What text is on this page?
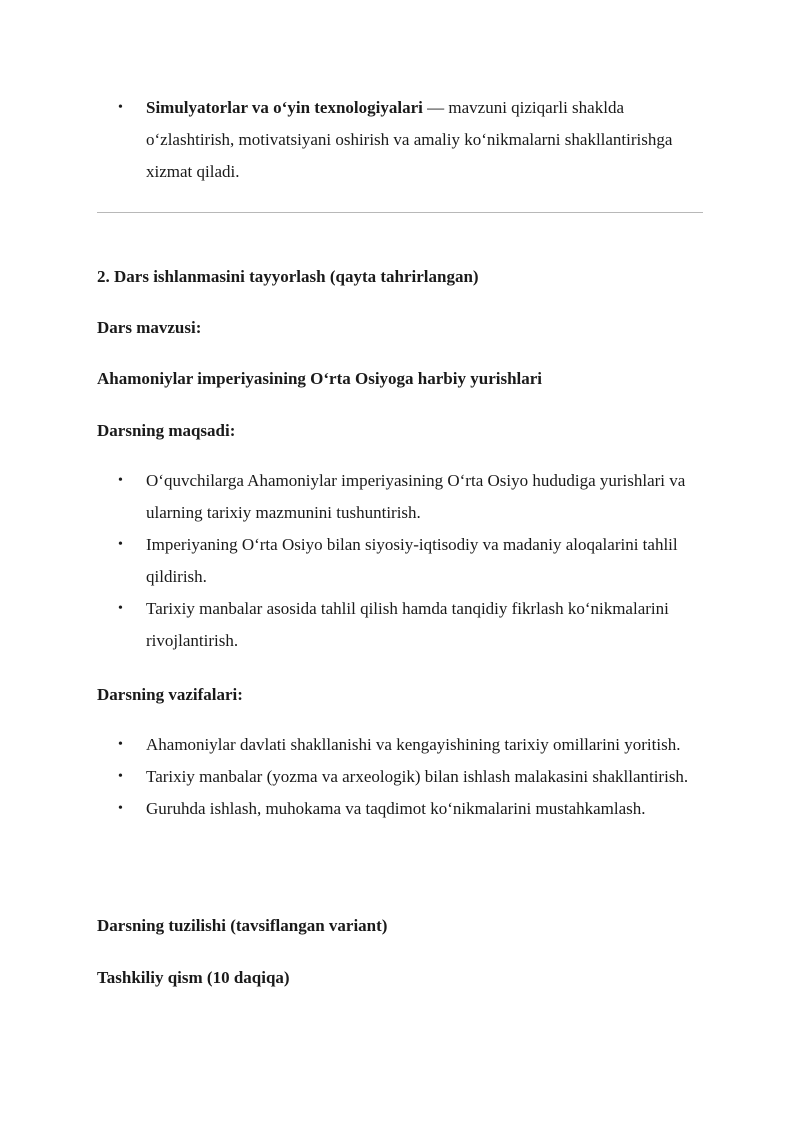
• Simulyatorlar va o‘yin texnologiyalari — mavzuni qiziqarli shaklda o‘zlashtirish, motivatsiyani oshirish va amaliy ko‘nikmalarni shakllantirishga xizmat qiladi.
2. Dars ishlanmasini tayyorlash (qayta tahrirlangan)
Dars mavzusi:
Ahamoniylar imperiyasining O‘rta Osiyoga harbiy yurishlari
Darsning maqsadi:
• O‘quvchilarga Ahamoniylar imperiyasining O‘rta Osiyo hududiga yurishlari va ularning tarixiy mazmunini tushuntirish.
• Imperiyaning O‘rta Osiyo bilan siyosiy-iqtisodiy va madaniy aloqalarini tahlil qildirish.
• Tarixiy manbalar asosida tahlil qilish hamda tanqidiy fikrlash ko‘nikmalarini rivojlantirish.
Darsning vazifalari:
• Ahamoniylar davlati shakllanishi va kengayishining tarixiy omillarini yoritish.
• Tarixiy manbalar (yozma va arxeologik) bilan ishlash malakasini shakllantirish.
• Guruhda ishlash, muhokama va taqdimot ko‘nikmalarini mustahkamlash.
Darsning tuzilishi (tavsiflangan variant)
Tashkiliy qism (10 daqiqa)
